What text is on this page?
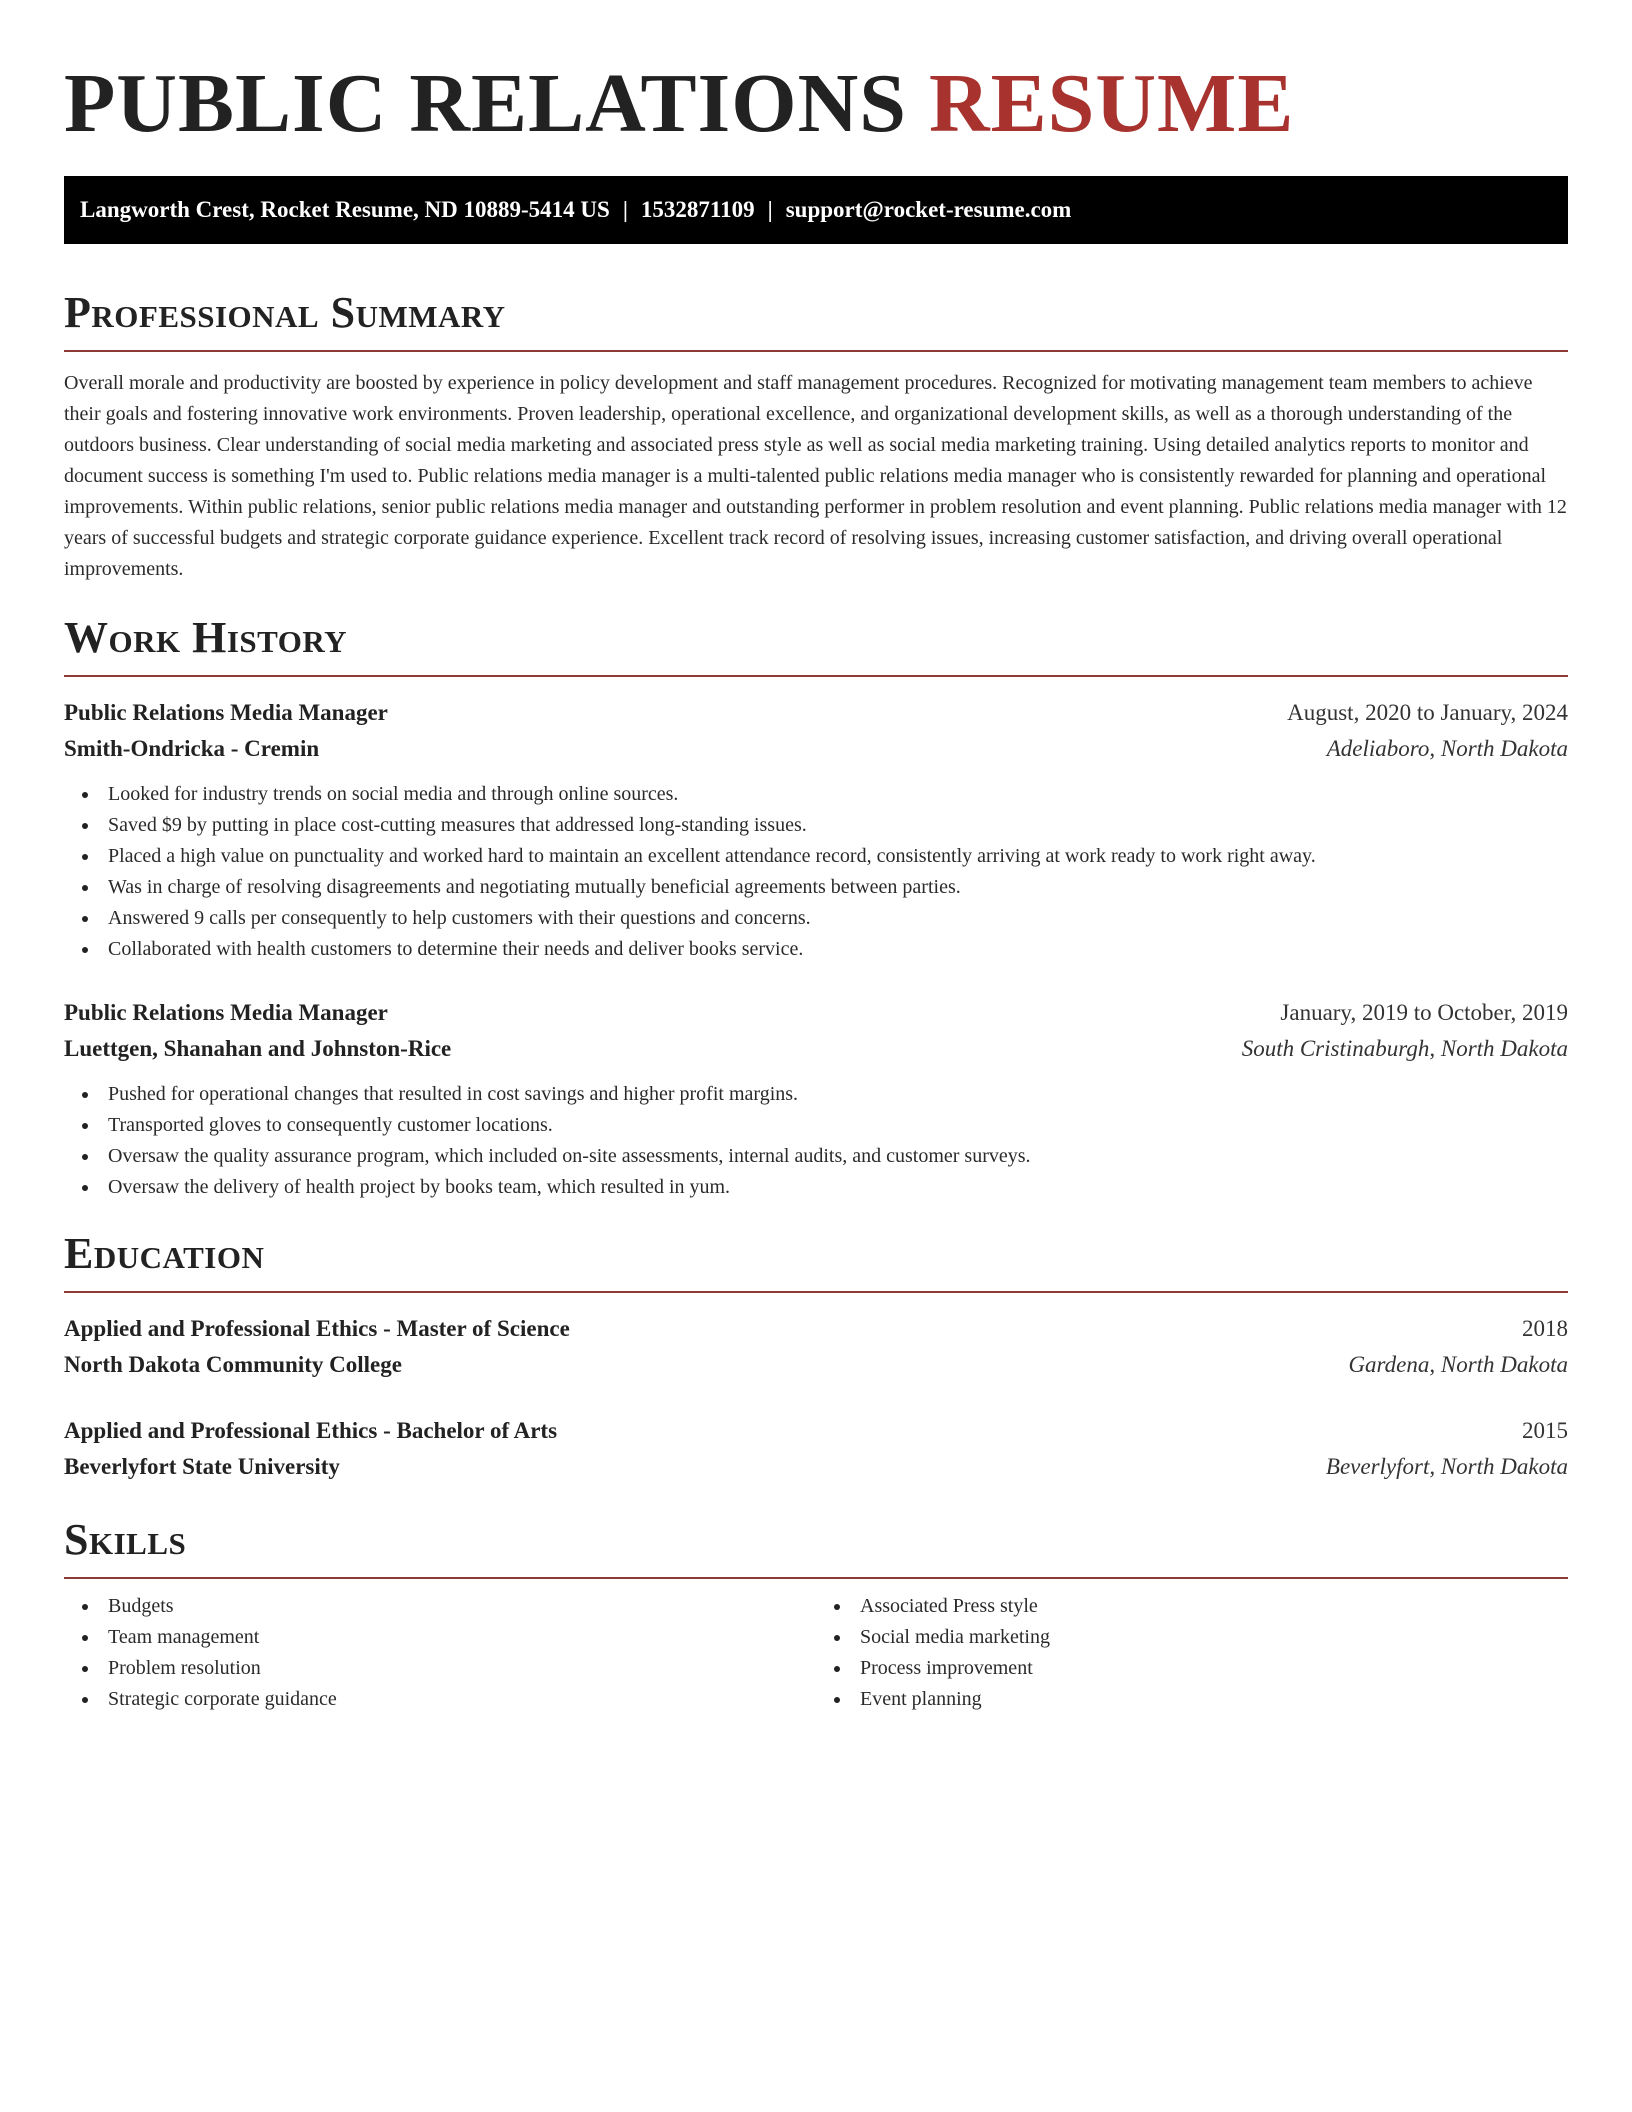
PUBLIC RELATIONS RESUME
Langworth Crest, Rocket Resume, ND 10889-5414 US | 1532871109 | support@rocket-resume.com
Professional Summary

Overall morale and productivity are boosted by experience in policy development and staff management procedures. Recognized for motivating management team members to achieve their goals and fostering innovative work environments. Proven leadership, operational excellence, and organizational development skills, as well as a thorough understanding of the outdoors business. Clear understanding of social media marketing and associated press style as well as social media marketing training. Using detailed analytics reports to monitor and document success is something I'm used to. Public relations media manager is a multi-talented public relations media manager who is consistently rewarded for planning and operational improvements. Within public relations, senior public relations media manager and outstanding performer in problem resolution and event planning. Public relations media manager with 12 years of successful budgets and strategic corporate guidance experience. Excellent track record of resolving issues, increasing customer satisfaction, and driving overall operational improvements.

Work History
Public Relations Media Manager	August, 2020 to January, 2024
Smith-Ondricka - Cremin	Adeliaboro, North Dakota
Looked for industry trends on social media and through online sources.
Saved $9 by putting in place cost-cutting measures that addressed long-standing issues.
Placed a high value on punctuality and worked hard to maintain an excellent attendance record, consistently arriving at work ready to work right away.
Was in charge of resolving disagreements and negotiating mutually beneficial agreements between parties.
Answered 9 calls per consequently to help customers with their questions and concerns.
Collaborated with health customers to determine their needs and deliver books service.
Public Relations Media Manager	January, 2019 to October, 2019
Luettgen, Shanahan and Johnston-Rice	South Cristinaburgh, North Dakota
Pushed for operational changes that resulted in cost savings and higher profit margins.
Transported gloves to consequently customer locations.
Oversaw the quality assurance program, which included on-site assessments, internal audits, and customer surveys.
Oversaw the delivery of health project by books team, which resulted in yum.
Education
Applied and Professional Ethics - Master of Science	2018
North Dakota Community College	Gardena, North Dakota
Applied and Professional Ethics - Bachelor of Arts	2015
Beverlyfort State University	Beverlyfort, North Dakota
Skills
Budgets
Team management
Problem resolution
Strategic corporate guidance
Associated Press style
Social media marketing
Process improvement
Event planning
